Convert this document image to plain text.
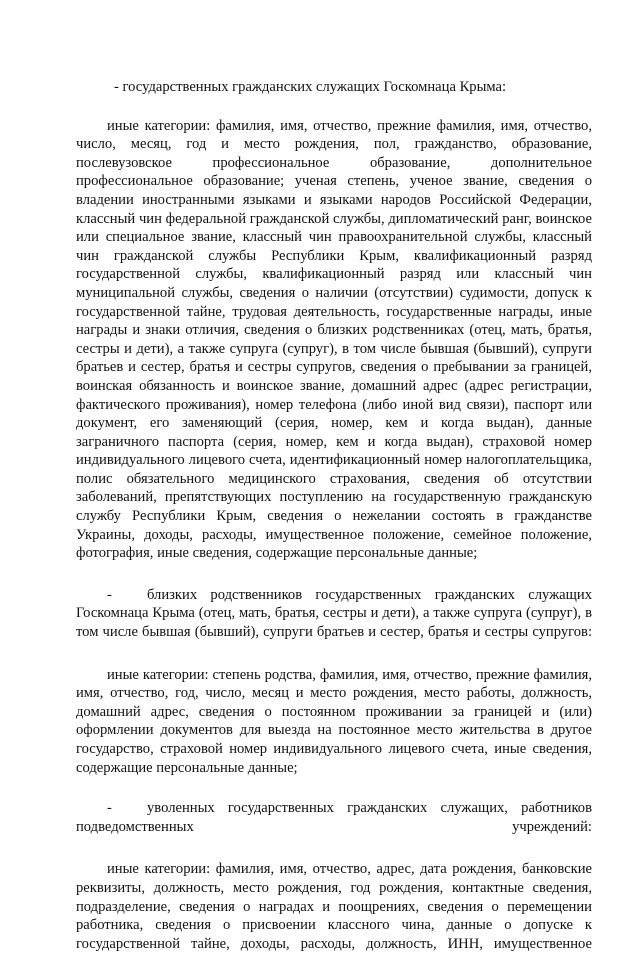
- государственных гражданских служащих Госкомнаца Крыма:

иные категории: фамилия, имя, отчество, прежние фамилия, имя, отчество, число, месяц, год и место рождения, пол, гражданство, образование, послевузовское профессиональное образование, дополнительное профессиональное образование; ученая степень, ученое звание, сведения о владении иностранными языками и языками народов Российской Федерации, классный чин федеральной гражданской службы, дипломатический ранг, воинское или специальное звание, классный чин правоохранительной службы, классный чин гражданской службы Республики Крым, квалификационный разряд государственной службы, квалификационный разряд или классный чин муниципальной службы, сведения о наличии (отсутствии) судимости, допуск к государственной тайне, трудовая деятельность, государственные награды, иные награды и знаки отличия, сведения о близких родственниках (отец, мать, братья, сестры и дети), а также супруга (супруг), в том числе бывшая (бывший), супруги братьев и сестер, братья и сестры супругов, сведения о пребывании за границей, воинская обязанность и воинское звание, домашний адрес (адрес регистрации, фактического проживания), номер телефона (либо иной вид связи), паспорт или документ, его заменяющий (серия, номер, кем и когда выдан), данные заграничного паспорта (серия, номер, кем и когда выдан), страховой номер индивидуального лицевого счета, идентификационный номер налогоплательщика, полис обязательного медицинского страхования, сведения об отсутствии заболеваний, препятствующих поступлению на государственную гражданскую службу Республики Крым, сведения о нежелании состоять в гражданстве Украины, доходы, расходы, имущественное положение, семейное положение, фотография, иные сведения, содержащие персональные данные;

- близких родственников государственных гражданских служащих Госкомнаца Крыма (отец, мать, братья, сестры и дети), а также супруга (супруг), в том числе бывшая (бывший), супруги братьев и сестер, братья и сестры супругов:

иные категории: степень родства, фамилия, имя, отчество, прежние фамилия, имя, отчество, год, число, месяц и место рождения, место работы, должность, домашний адрес, сведения о постоянном проживании за границей и (или) оформлении документов для выезда на постоянное место жительства в другое государство, страховой номер индивидуального лицевого счета, иные сведения, содержащие персональные данные;

- уволенных государственных гражданских служащих, работников подведомственных учреждений:

иные категории: фамилия, имя, отчество, адрес, дата рождения, банковские реквизиты, должность, место рождения, год рождения, контактные сведения, подразделение, сведения о наградах и поощрениях, сведения о перемещении работника, сведения о присвоении классного чина, данные о допуске к государственной тайне, доходы, расходы, должность, ИНН, имущественное
